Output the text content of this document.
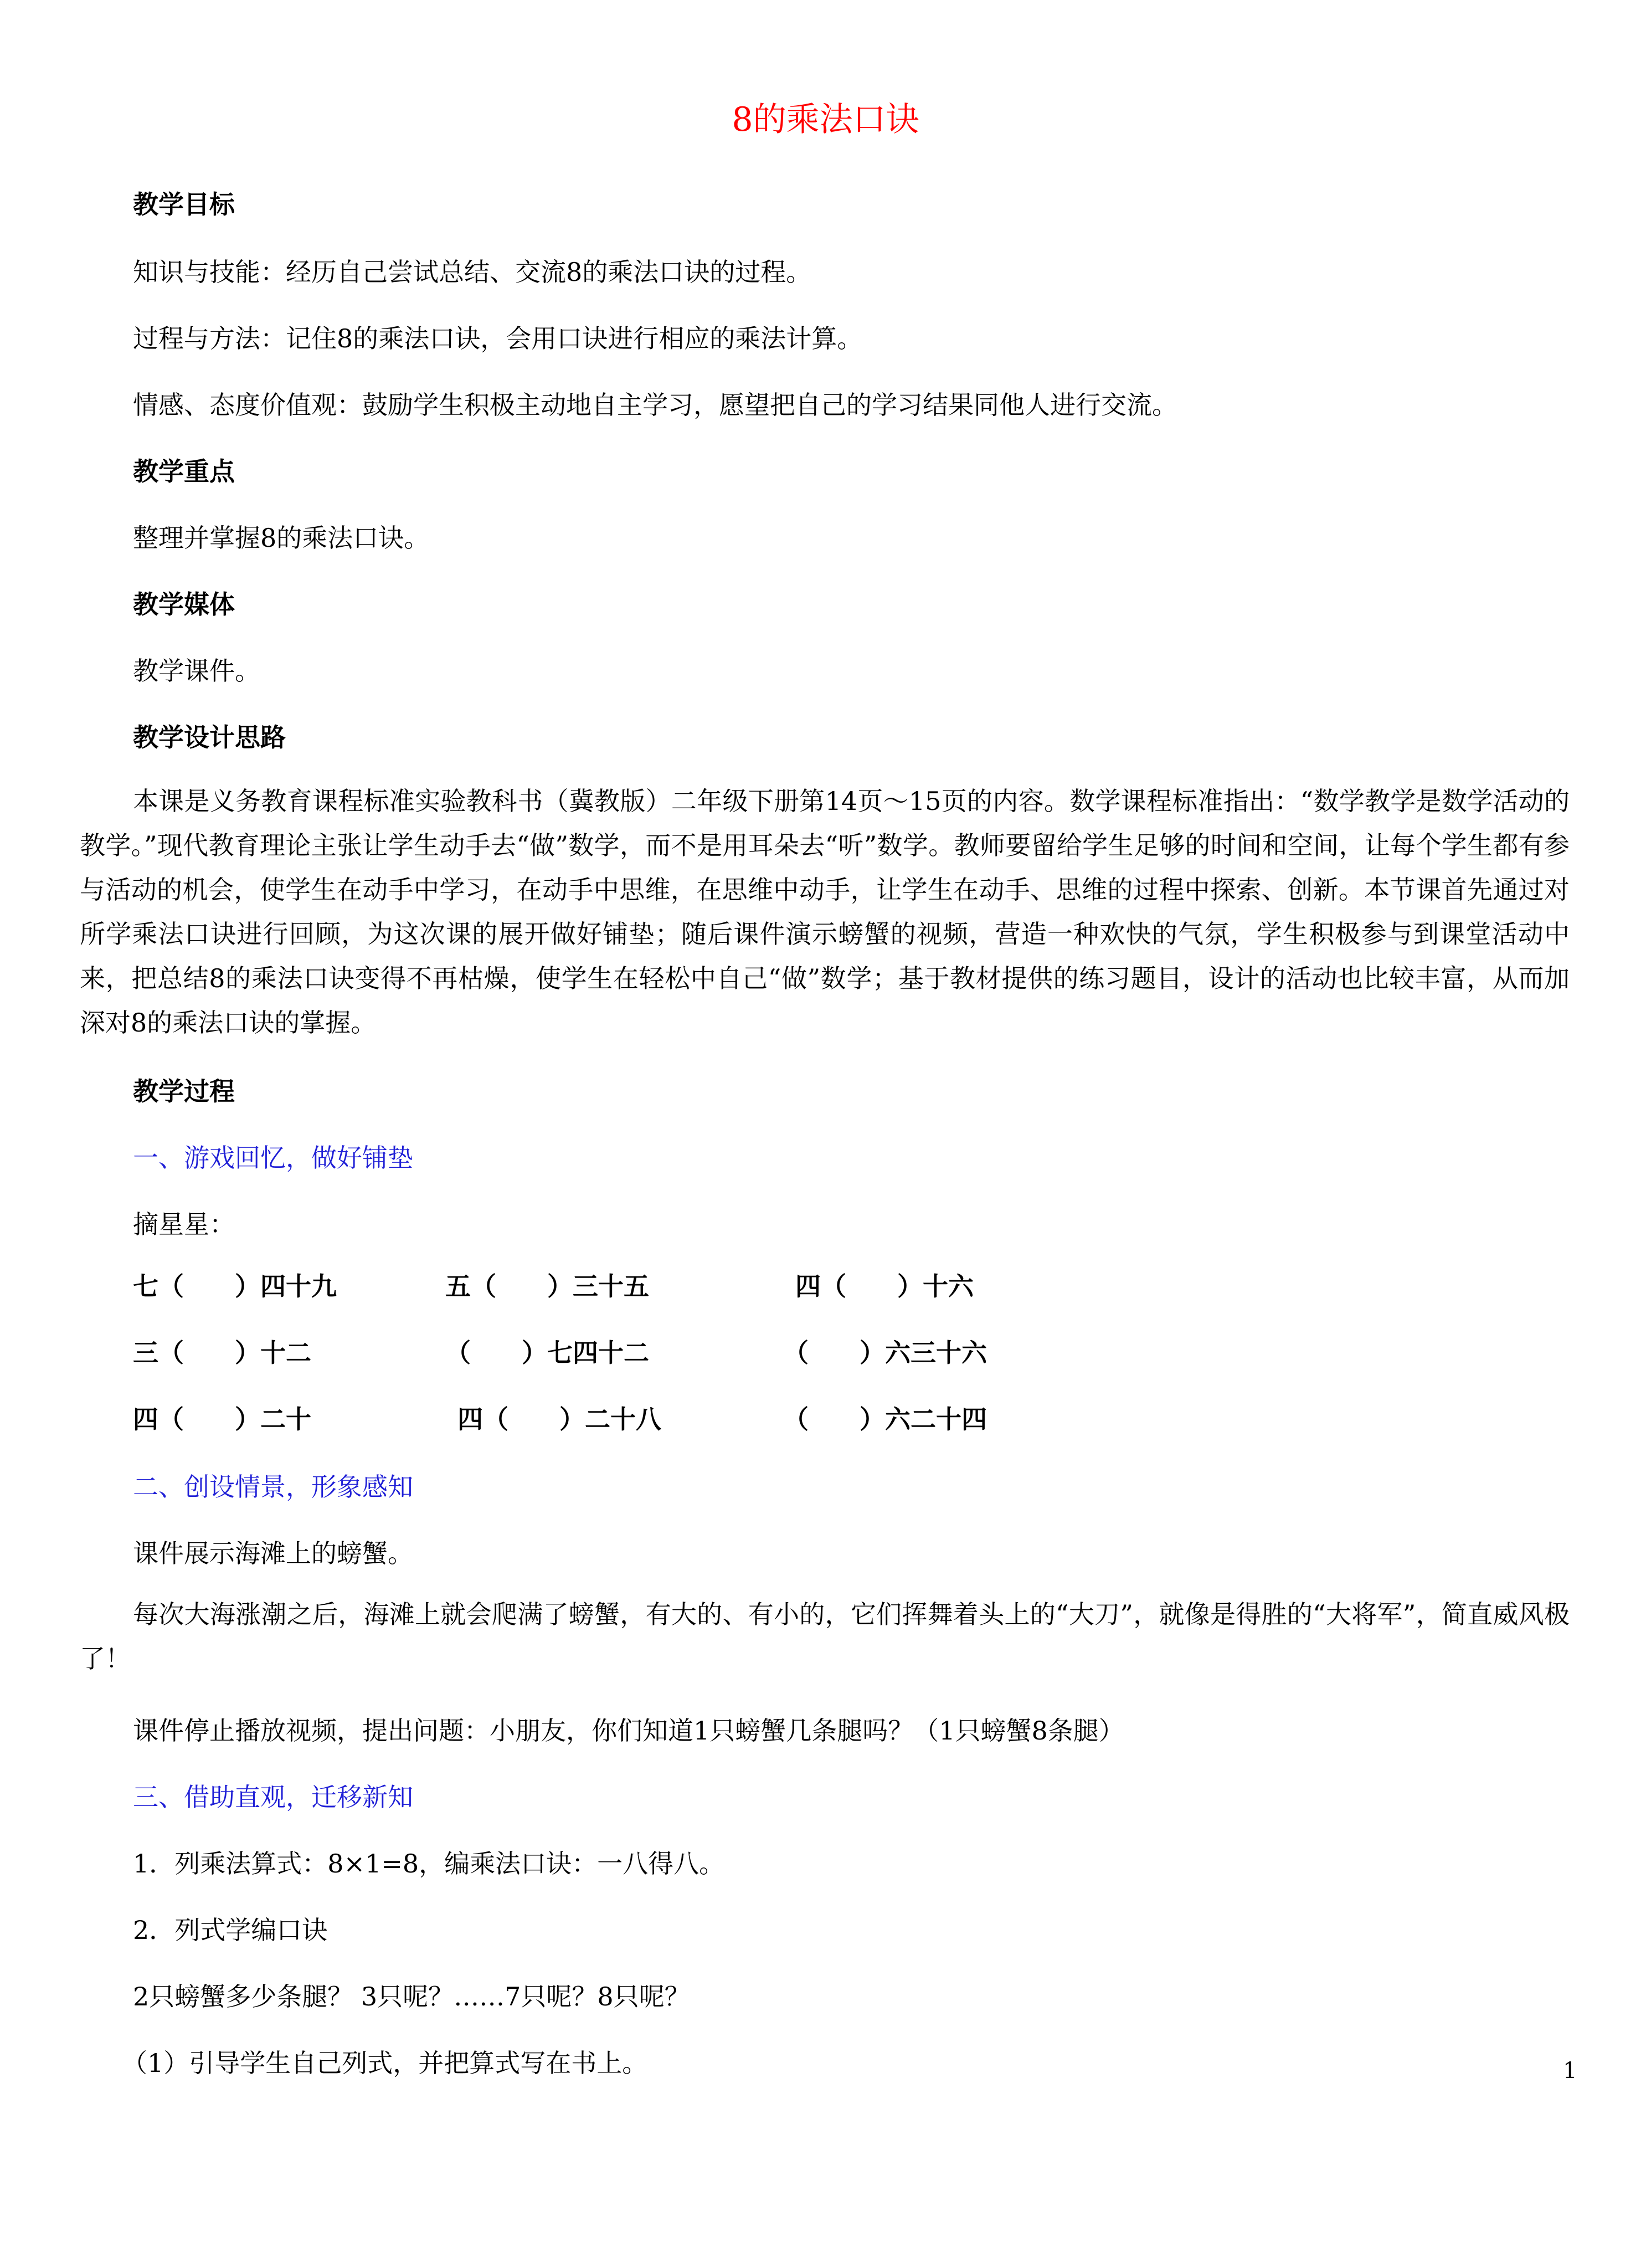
8的乘法口诀
教学目标
知识与技能：经历自己尝试总结、交流8的乘法口诀的过程。
过程与方法：记住8的乘法口诀，会用口诀进行相应的乘法计算。
情感、态度价值观：鼓励学生积极主动地自主学习，愿望把自己的学习结果同他人进行交流。
教学重点
整理并掌握8的乘法口诀。
教学媒体
教学课件。
教学设计思路
本课是义务教育课程标准实验教科书（冀教版）二年级下册第14页～15页的内容。数学课程标准指出：“数学教学是数学活动的教学。”现代教育理论主张让学生动手去“做”数学，而不是用耳朵去“听”数学。教师要留给学生足够的时间和空间，让每个学生都有参与活动的机会，使学生在动手中学习，在动手中思维，在思维中动手，让学生在动手、思维的过程中探索、创新。本节课首先通过对所学乘法口诀进行回顾，为这次课的展开做好铺垫；随后课件演示螃蟹的视频，营造一种欢快的气氛，学生积极参与到课堂活动中来，把总结8的乘法口诀变得不再枯燥，使学生在轻松中自己“做”数学；基于教材提供的练习题目，设计的活动也比较丰富，从而加深对8的乘法口诀的掌握。
教学过程
一、游戏回忆，做好铺垫
摘星星：
七（　　）四十九	五（　　）三十五	四（　　）十六
三（　　）十二	（　　）七四十二	（　　）六三十六
四（　　）二十	四（　　）二十八	（　　）六二十四
二、创设情景，形象感知
课件展示海滩上的螃蟹。
每次大海涨潮之后，海滩上就会爬满了螃蟹，有大的、有小的，它们挥舞着头上的“大刀”，就像是得胜的“大将军”，简直威风极了！
课件停止播放视频，提出问题：小朋友，你们知道1只螃蟹几条腿吗？（1只螃蟹8条腿）
三、借助直观，迁移新知
1．列乘法算式：8×1=8，编乘法口诀：一八得八。
2．列式学编口诀
2只螃蟹多少条腿？ 3只呢？……7只呢？8只呢？
（1）引导学生自己列式，并把算式写在书上。	1
